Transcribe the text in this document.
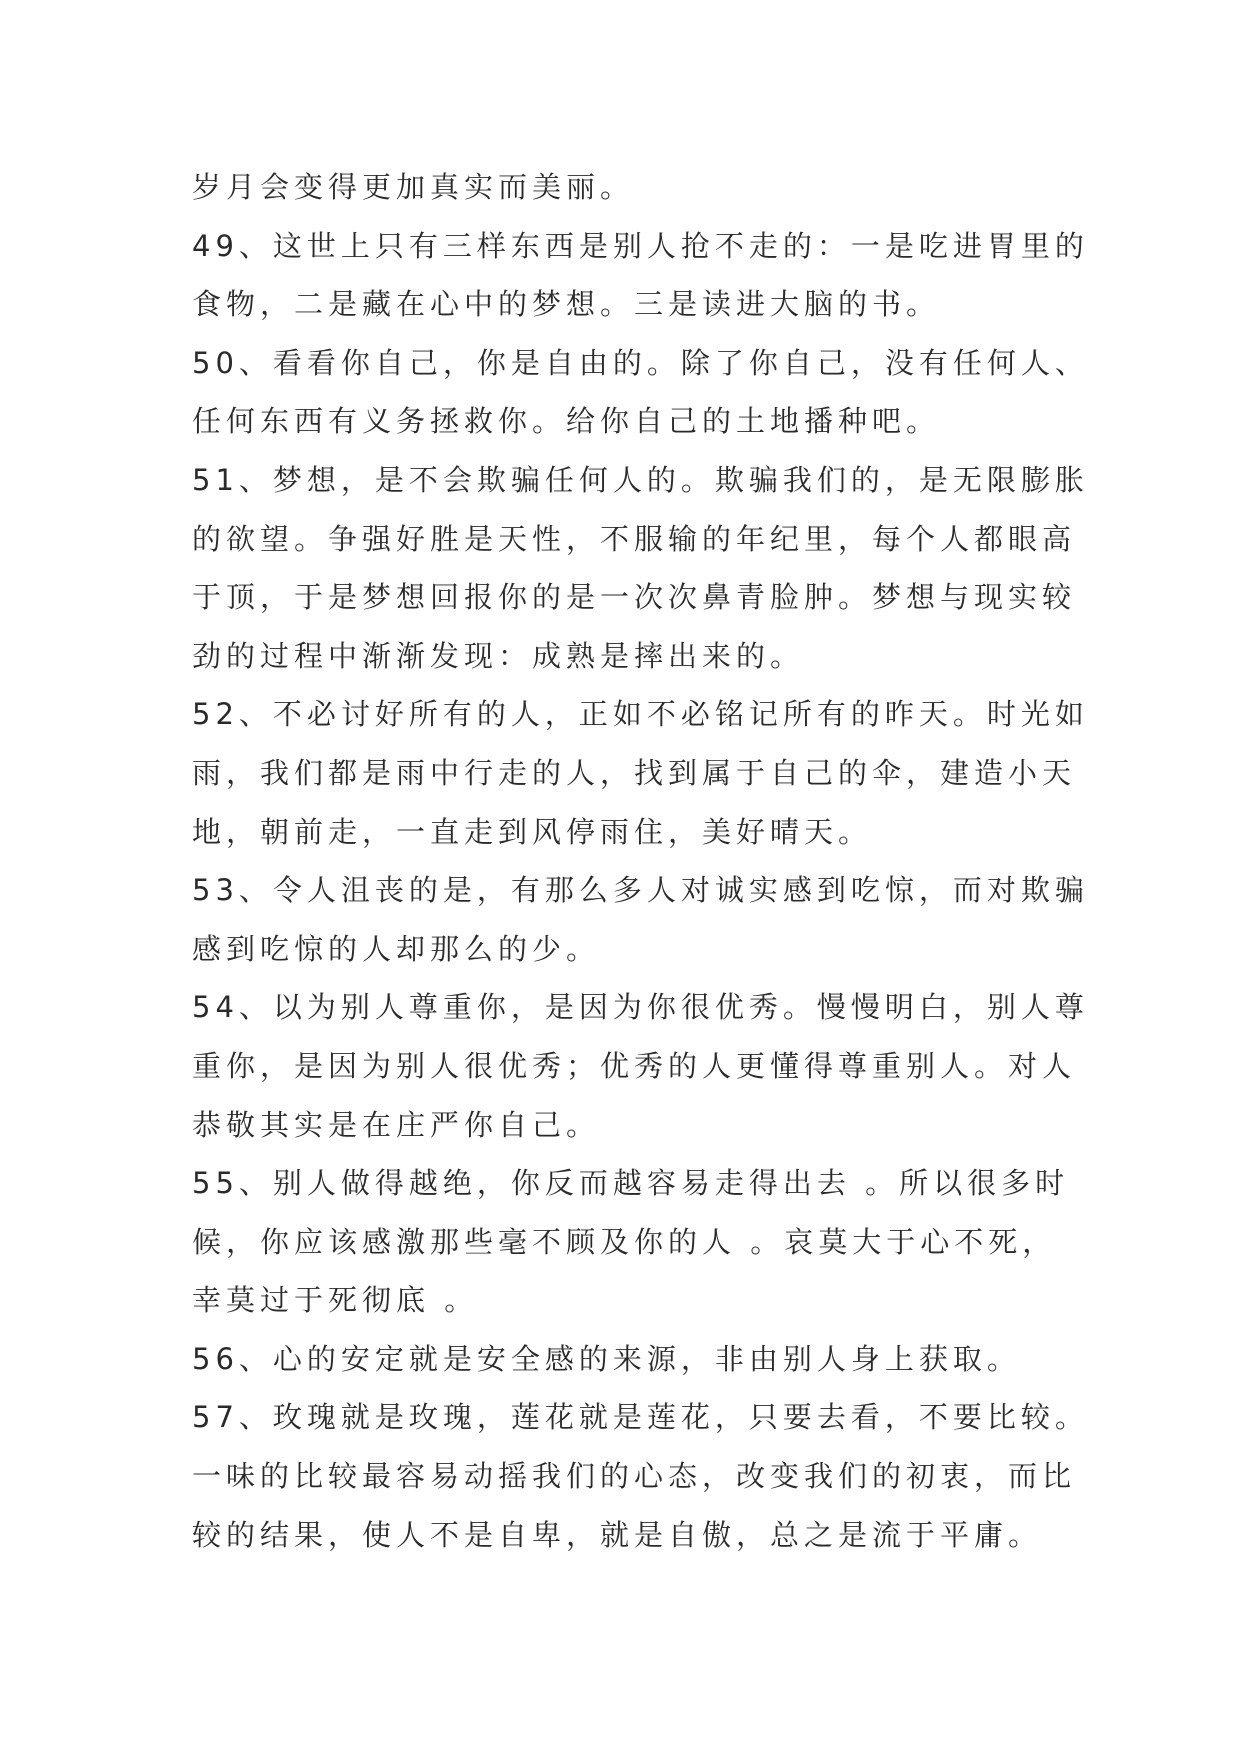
岁月会变得更加真实而美丽。
49、这世上只有三样东西是别人抢不走的：一是吃进胃里的
食物，二是藏在心中的梦想。三是读进大脑的书。
50、看看你自己，你是自由的。除了你自己，没有任何人、
任何东西有义务拯救你。给你自己的土地播种吧。
51、梦想，是不会欺骗任何人的。欺骗我们的，是无限膨胀
的欲望。争强好胜是天性，不服输的年纪里，每个人都眼高
于顶，于是梦想回报你的是一次次鼻青脸肿。梦想与现实较
劲的过程中渐渐发现：成熟是摔出来的。
52、不必讨好所有的人，正如不必铭记所有的昨天。时光如
雨，我们都是雨中行走的人，找到属于自己的伞，建造小天
地，朝前走，一直走到风停雨住，美好晴天。
53、令人沮丧的是，有那么多人对诚实感到吃惊，而对欺骗
感到吃惊的人却那么的少。
54、以为别人尊重你，是因为你很优秀。慢慢明白，别人尊
重你，是因为别人很优秀；优秀的人更懂得尊重别人。对人
恭敬其实是在庄严你自己。
55、别人做得越绝，你反而越容易走得出去 。所以很多时
候，你应该感激那些毫不顾及你的人 。哀莫大于心不死，
幸莫过于死彻底 。
56、心的安定就是安全感的来源，非由别人身上获取。
57、玫瑰就是玫瑰，莲花就是莲花，只要去看，不要比较。
一味的比较最容易动摇我们的心态，改变我们的初衷，而比
较的结果，使人不是自卑，就是自傲，总之是流于平庸。
